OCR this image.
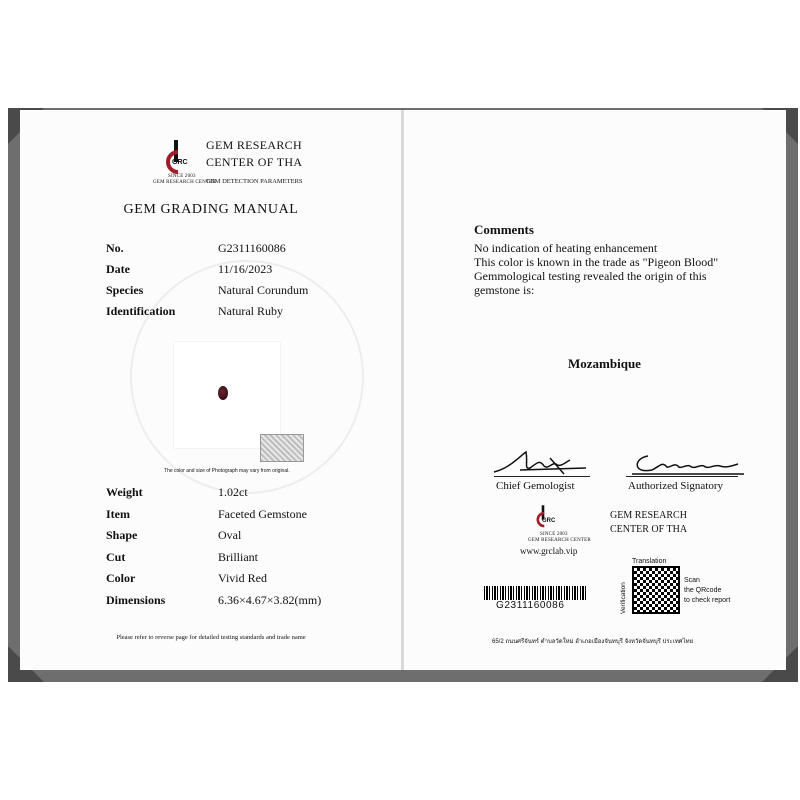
GRC
SINCE 2003
GEM RESEARCH CENTER
GEM RESEARCH
CENTER OF THA
GEM DETECTION PARAMETERS
GEM GRADING MANUAL
No.	G2311160086
Date	11/16/2023
Species	Natural Corundum
Identification	Natural Ruby
The color and size of Photograph may vary from original.
Weight	1.02ct
Item	Faceted Gemstone
Shape	Oval
Cut	Brilliant
Color	Vivid Red
Dimensions	6.36×4.67×3.82(mm)
Please refer to reverse page for detailed testing standards and trade name
Comments
No indication of heating enhancement
This color is known in the trade as "Pigeon Blood"
Gemmological testing revealed the origin of this
gemstone is:
Mozambique
Chief Gemologist	Authorized Signatory
GRC
SINCE 2003
GEM RESEARCH CENTER
www.grclab.vip
GEM RESEARCH
CENTER OF THA
G2311160086
Translation
Verification
Scan
the QRcode
to check report
65/2 ถนนศรีจันทร์ ตำบลวัดใหม่ อำเภอเมืองจันทบุรี จังหวัดจันทบุรี ประเทศไทย
